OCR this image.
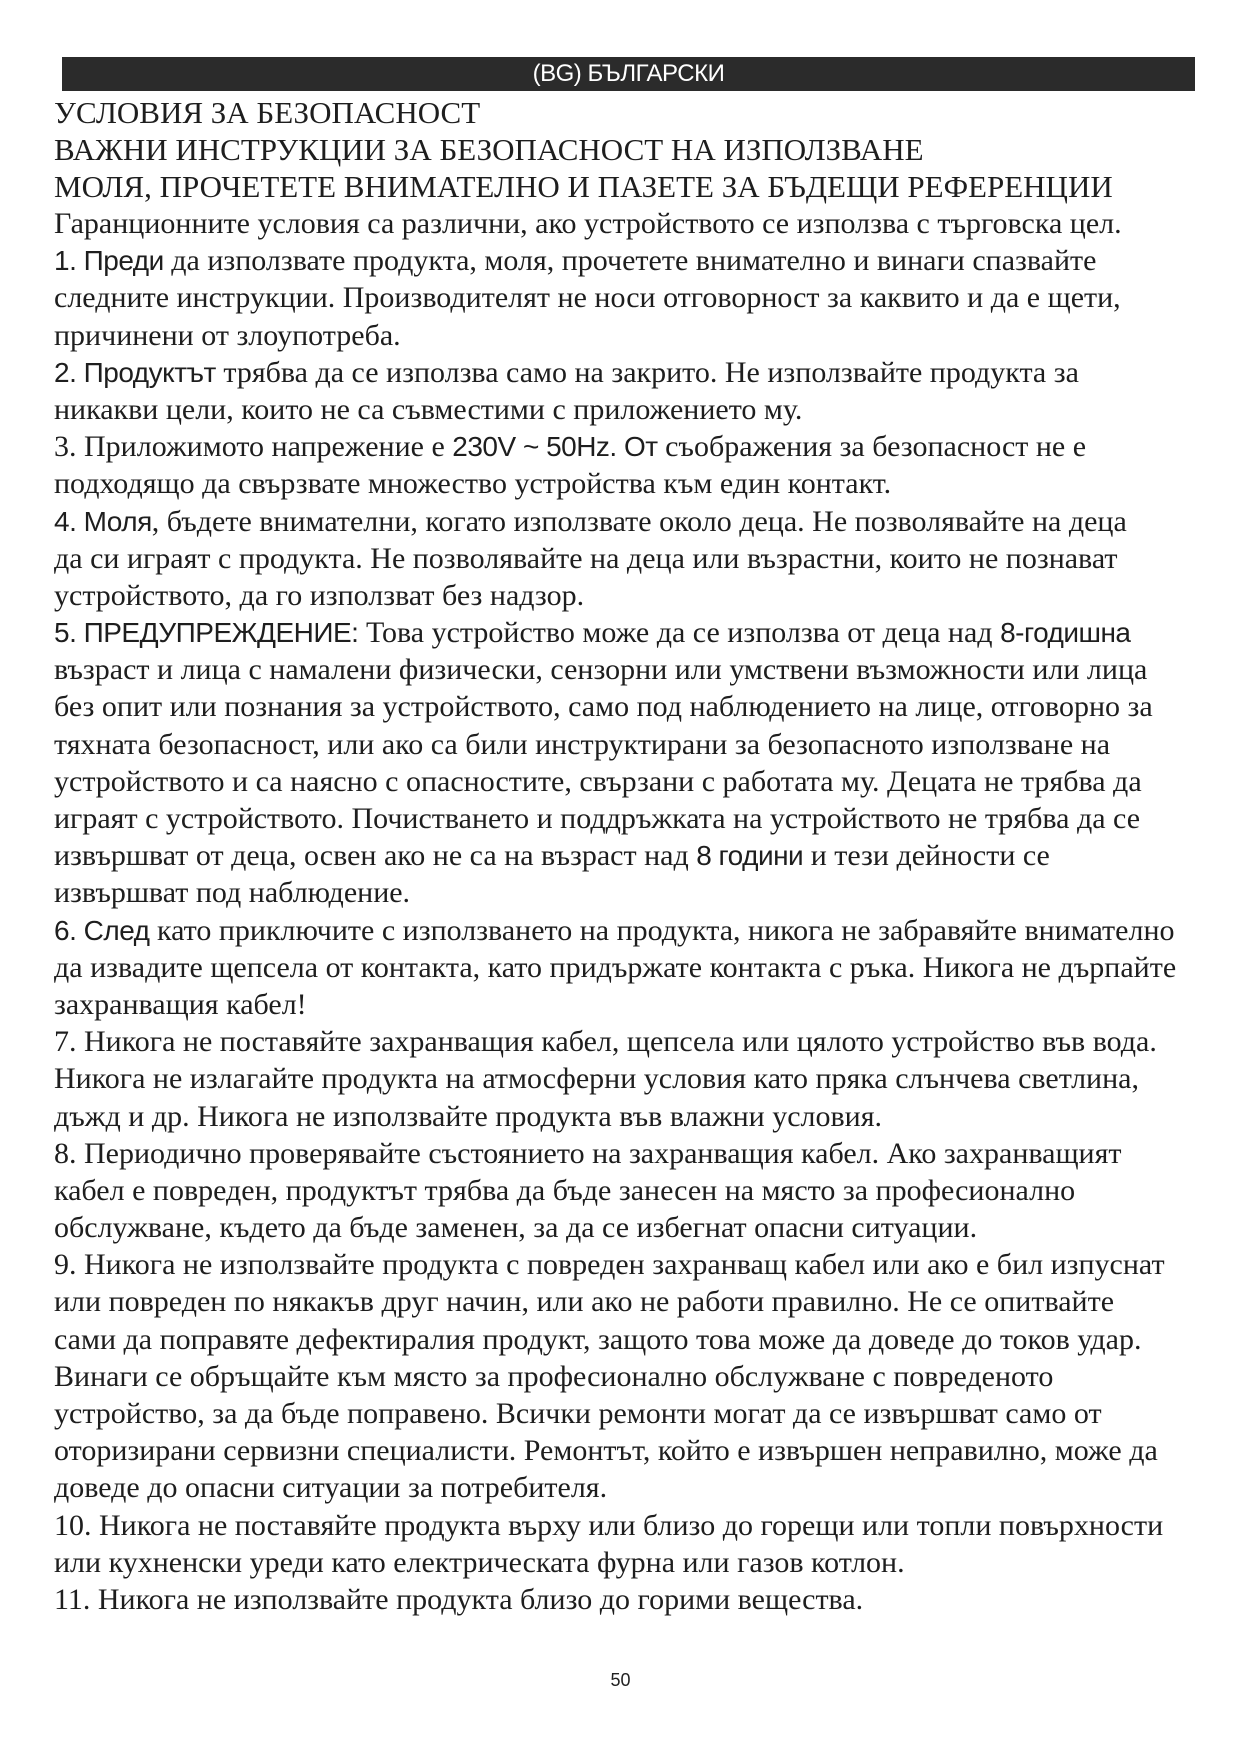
(BG) БЪЛГАРСКИ
УСЛОВИЯ ЗА БЕЗОПАСНОСТ
ВАЖНИ ИНСТРУКЦИИ ЗА БЕЗОПАСНОСТ НА ИЗПОЛЗВАНЕ
МОЛЯ, ПРОЧЕТЕТЕ ВНИМАТЕЛНО И ПАЗЕТЕ ЗА БЪДЕЩИ РЕФЕРЕНЦИИ
Гаранционните условия са различни, ако устройството се използва с търговска цел.
1. Преди да използвате продукта, моля, прочетете внимателно и винаги спазвайте
следните инструкции. Производителят не носи отговорност за каквито и да е щети,
причинени от злоупотреба.
2. Продуктът трябва да се използва само на закрито. Не използвайте продукта за
никакви цели, които не са съвместими с приложението му.
3. Приложимото напрежение е 230V ~ 50Hz. От съображения за безопасност не е
подходящо да свързвате множество устройства към един контакт.
4. Моля, бъдете внимателни, когато използвате около деца. Не позволявайте на деца
да си играят с продукта. Не позволявайте на деца или възрастни, които не познават
устройството, да го използват без надзор.
5. ПРЕДУПРЕЖДЕНИЕ: Това устройство може да се използва от деца над 8-годишна
възраст и лица с намалени физически, сензорни или умствени възможности или лица
без опит или познания за устройството, само под наблюдението на лице, отговорно за
тяхната безопасност, или ако са били инструктирани за безопасното използване на
устройството и са наясно с опасностите, свързани с работата му. Децата не трябва да
играят с устройството. Почистването и поддръжката на устройството не трябва да се
извършват от деца, освен ако не са на възраст над 8 години и тези дейности се
извършват под наблюдение.
6. След като приключите с използването на продукта, никога не забравяйте внимателно
да извадите щепсела от контакта, като придържате контакта с ръка. Никога не дърпайте
захранващия кабел!
7. Никога не поставяйте захранващия кабел, щепсела или цялото устройство във вода.
Никога не излагайте продукта на атмосферни условия като пряка слънчева светлина,
дъжд и др. Никога не използвайте продукта във влажни условия.
8. Периодично проверявайте състоянието на захранващия кабел. Ако захранващият
кабел е повреден, продуктът трябва да бъде занесен на място за професионално
обслужване, където да бъде заменен, за да се избегнат опасни ситуации.
9. Никога не използвайте продукта с повреден захранващ кабел или ако е бил изпуснат
или повреден по някакъв друг начин, или ако не работи правилно. Не се опитвайте
сами да поправяте дефектиралия продукт, защото това може да доведе до токов удар.
Винаги се обръщайте към място за професионално обслужване с повреденото
устройство, за да бъде поправено. Всички ремонти могат да се извършват само от
оторизирани сервизни специалисти. Ремонтът, който е извършен неправилно, може да
доведе до опасни ситуации за потребителя.
10. Никога не поставяйте продукта върху или близо до горещи или топли повърхности
или кухненски уреди като електрическата фурна или газов котлон.
11. Никога не използвайте продукта близо до горими вещества.
50
